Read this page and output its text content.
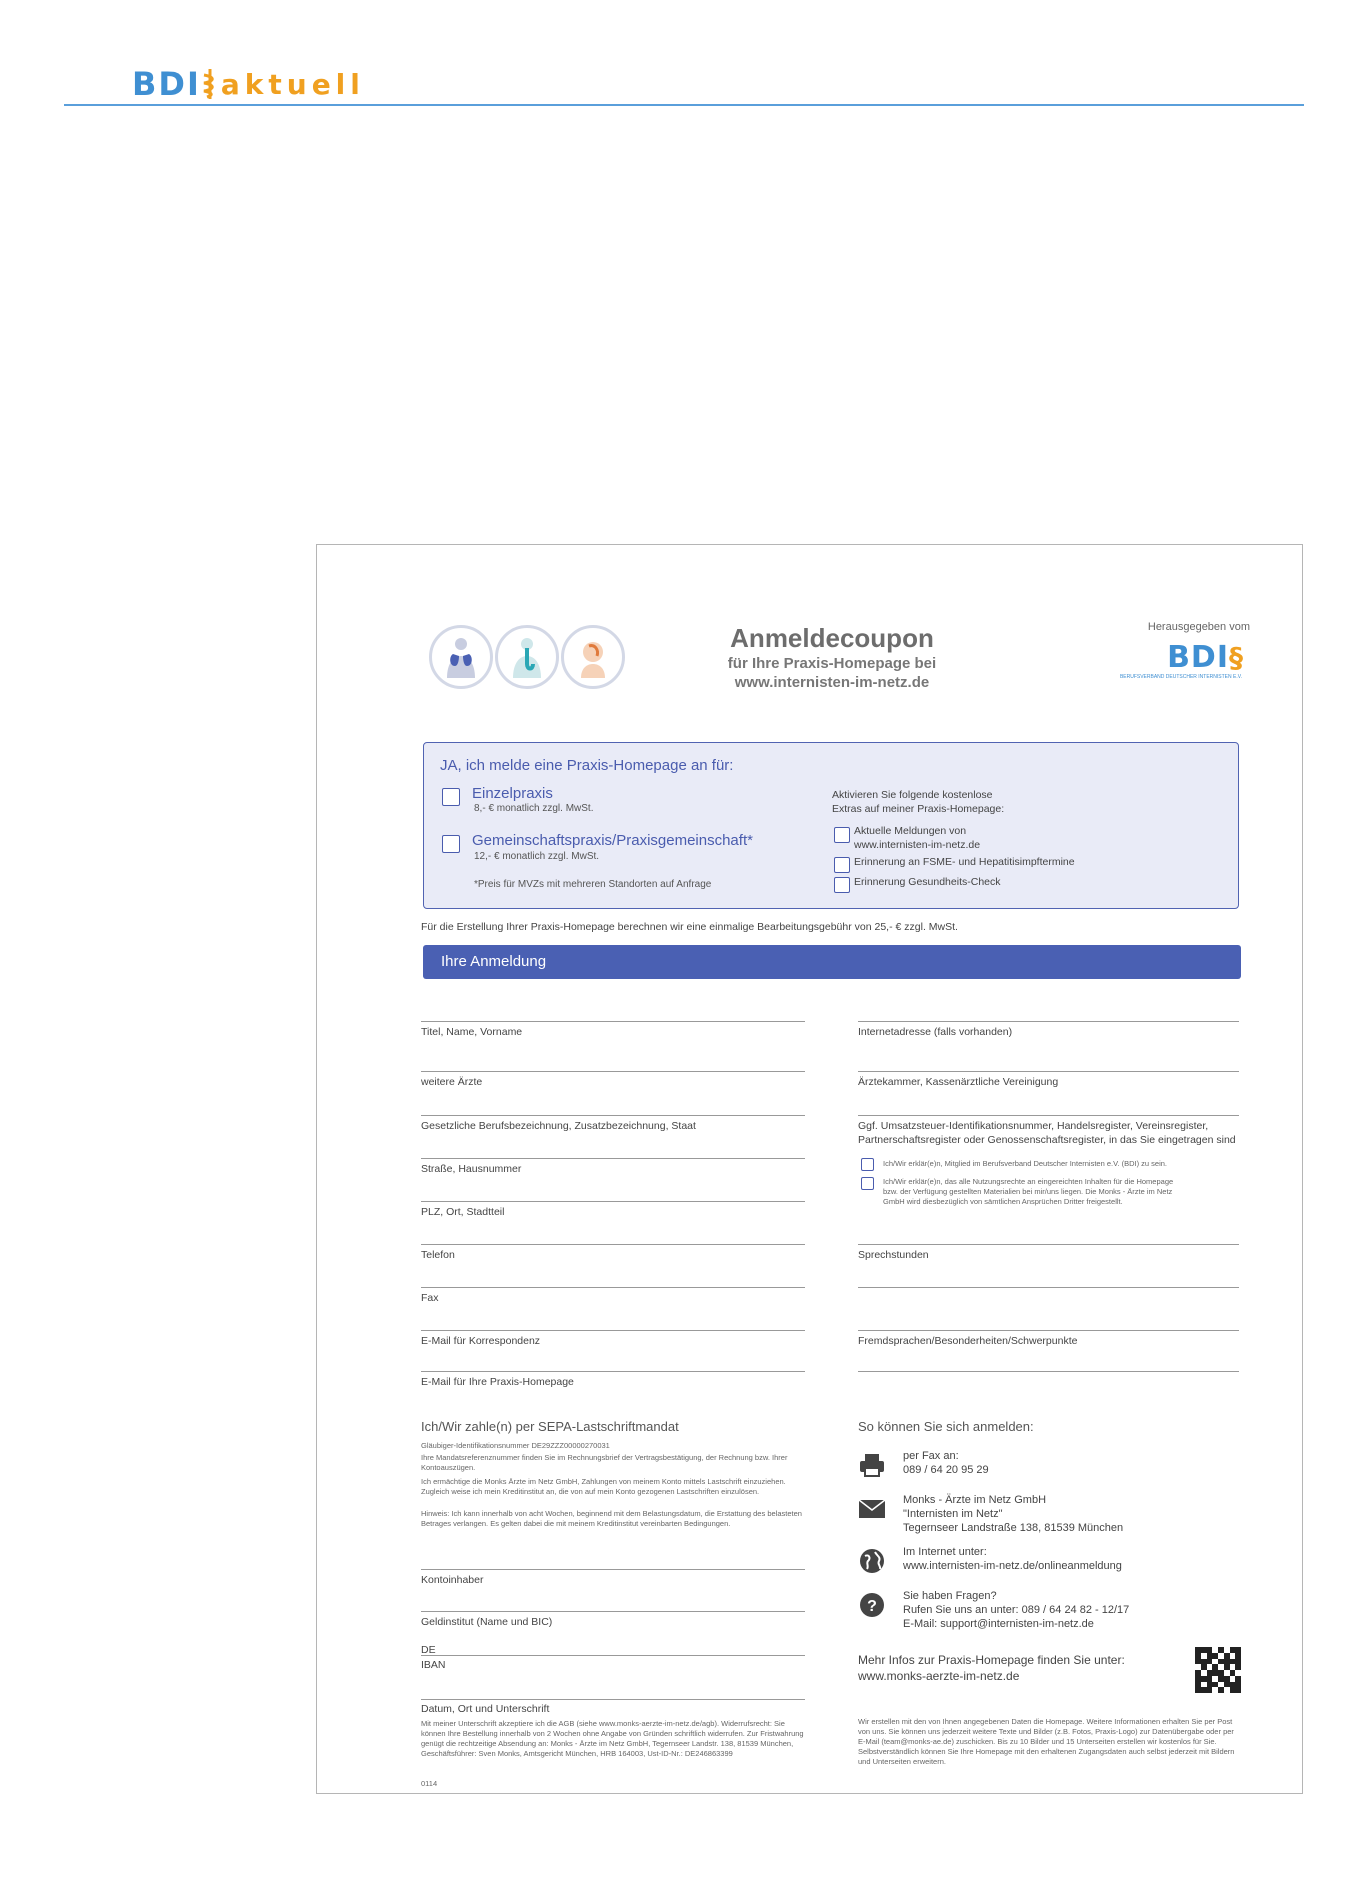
BDI aktuell
Anmeldecoupon
für Ihre Praxis-Homepage bei
www.internisten-im-netz.de
Herausgegeben vom
BDI§
BERUFSVERBAND DEUTSCHER INTERNISTEN E.V.
JA, ich melde eine Praxis-Homepage an für:
Einzelpraxis
8,- € monatlich zzgl. MwSt.
Gemeinschaftspraxis/Praxisgemeinschaft*
12,- € monatlich zzgl. MwSt.
*Preis für MVZs mit mehreren Standorten auf Anfrage
Aktivieren Sie folgende kostenlose
Extras auf meiner Praxis-Homepage:
Aktuelle Meldungen von
www.internisten-im-netz.de
Erinnerung an FSME- und Hepatitisimpftermine
Erinnerung Gesundheits-Check
Für die Erstellung Ihrer Praxis-Homepage berechnen wir eine einmalige Bearbeitungsgebühr von 25,- € zzgl. MwSt.
Ihre Anmeldung
Titel, Name, Vorname
weitere Ärzte
Gesetzliche Berufsbezeichnung, Zusatzbezeichnung, Staat
Straße, Hausnummer
PLZ, Ort, Stadtteil
Telefon
Fax
E-Mail für Korrespondenz
E-Mail für Ihre Praxis-Homepage
Internetadresse (falls vorhanden)
Ärztekammer, Kassenärztliche Vereinigung
Ggf. Umsatzsteuer-Identifikationsnummer, Handelsregister, Vereinsregister,
Partnerschaftsregister oder Genossenschaftsregister, in das Sie eingetragen sind
Ich/Wir erklär(e)n, Mitglied im Berufsverband Deutscher Internisten e.V. (BDI) zu sein.
Ich/Wir erklär(e)n, das alle Nutzungsrechte an eingereichten Inhalten für die Homepage
bzw. der Verfügung gestellten Materialien bei mir/uns liegen. Die Monks - Ärzte im Netz
GmbH wird diesbezüglich von sämtlichen Ansprüchen Dritter freigestellt.
Sprechstunden
Fremdsprachen/Besonderheiten/Schwerpunkte
Ich/Wir zahle(n) per SEPA-Lastschriftmandat
Gläubiger-Identifikationsnummer DE29ZZZ00000270031
Ihre Mandatsreferenznummer finden Sie im Rechnungsbrief der Vertragsbestätigung, der Rechnung bzw. Ihrer Kontoauszügen.
Ich ermächtige die Monks Ärzte im Netz GmbH, Zahlungen von meinem Konto mittels Lastschrift einzuziehen. Zugleich weise ich mein Kreditinstitut an, die von auf mein Konto gezogenen Lastschriften einzulösen.
Hinweis: Ich kann innerhalb von acht Wochen, beginnend mit dem Belastungsdatum, die Erstattung des belasteten Betrages verlangen. Es gelten dabei die mit meinem Kreditinstitut vereinbarten Bedingungen.
Kontoinhaber
Geldinstitut (Name und BIC)
DE
IBAN
Datum, Ort und Unterschrift
Mit meiner Unterschrift akzeptiere ich die AGB (siehe www.monks-aerzte-im-netz.de/agb). Widerrufsrecht: Sie können Ihre Bestellung innerhalb von 2 Wochen ohne Angabe von Gründen schriftlich widerrufen. Zur Fristwahrung genügt die rechtzeitige Absendung an: Monks - Ärzte im Netz GmbH, Tegernseer Landstr. 138, 81539 München, Geschäftsführer: Sven Monks, Amtsgericht München, HRB 164003, Ust-ID-Nr.: DE246863399
0114
So können Sie sich anmelden:
per Fax an:
089 / 64 20 95 29
Monks - Ärzte im Netz GmbH
"Internisten im Netz"
Tegernseer Landstraße 138, 81539 München
Im Internet unter:
www.internisten-im-netz.de/onlineanmeldung
?
Sie haben Fragen?
Rufen Sie uns an unter: 089 / 64 24 82 - 12/17
E-Mail: support@internisten-im-netz.de
Mehr Infos zur Praxis-Homepage finden Sie unter:
www.monks-aerzte-im-netz.de
Wir erstellen mit den von Ihnen angegebenen Daten die Homepage. Weitere Informationen erhalten Sie per Post von uns. Sie können uns jederzeit weitere Texte und Bilder (z.B. Fotos, Praxis-Logo) zur Datenübergabe oder per E-Mail (team@monks-ae.de) zuschicken. Bis zu 10 Bilder und 15 Unterseiten erstellen wir kostenlos für Sie. Selbstverständlich können Sie Ihre Homepage mit den erhaltenen Zugangsdaten auch selbst jederzeit mit Bildern und Unterseiten erweitern.
